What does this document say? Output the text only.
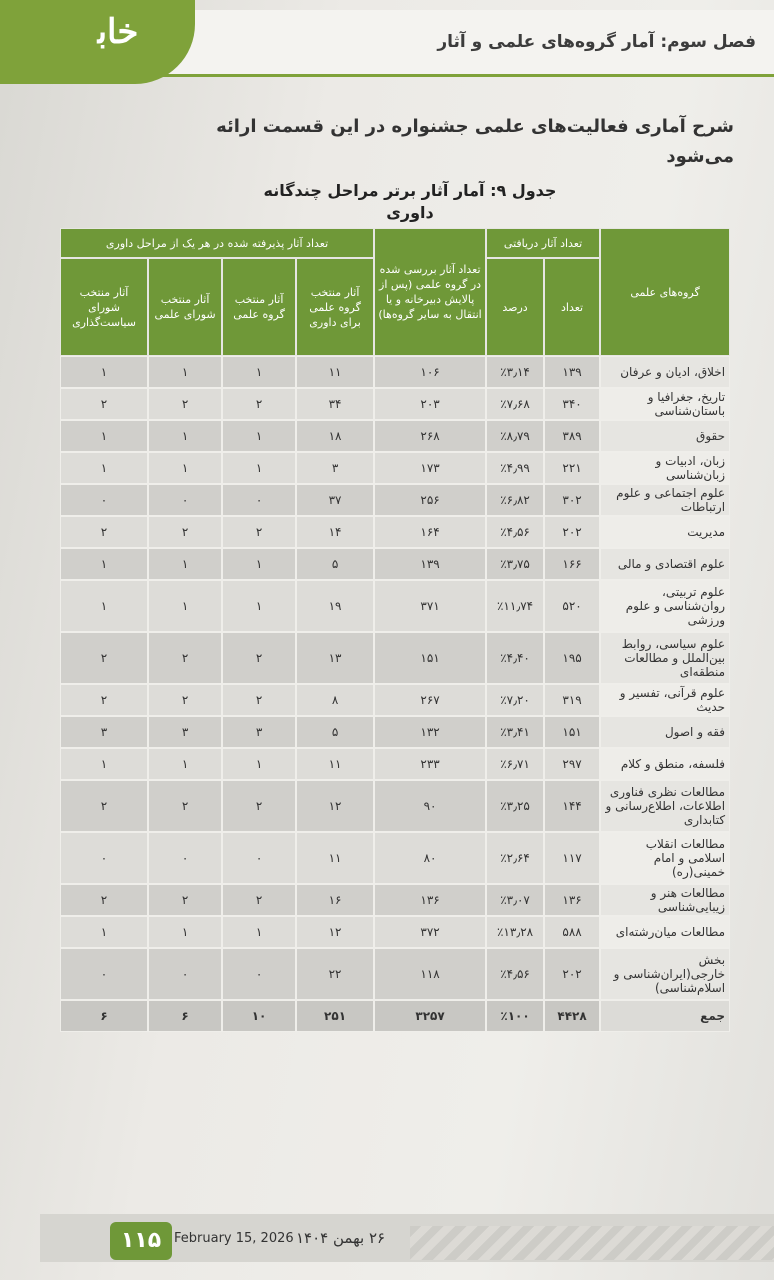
فصل سوم: آمار گروه‌های علمی و آثار
ﺧﺎﺑ
شرح آماری فعالیت‌های علمی جشنواره در این قسمت ارائه می‌شود
جدول ۹: آمار آثار برتر مراحل چندگانه داوری
گروه‌های علمی	تعداد آثار دریافتی		تعداد آثار بررسی شده در گروه علمی (پس از پالایش دبیرخانه و یا انتقال به سایر گروه‌ها)	تعداد آثار پذیرفته شده در هر یک از مراحل داوری			
	تعداد	درصد		آثار منتخب گروه علمی برای داوری	آثار منتخب گروه علمی	آثار منتخب شورای علمی	آثار منتخب شورای سیاست‌گذاری
اخلاق، ادیان و عرفان	۱۳۹	٪۳٫۱۴	۱۰۶	۱۱	۱	۱	۱
تاریخ، جغرافیا و باستان‌شناسی	۳۴۰	٪۷٫۶۸	۲۰۳	۳۴	۲	۲	۲
حقوق	۳۸۹	٪۸٫۷۹	۲۶۸	۱۸	۱	۱	۱
زبان، ادبیات و زبان‌شناسی	۲۲۱	٪۴٫۹۹	۱۷۳	۳	۱	۱	۱
علوم اجتماعی و علوم ارتباطات	۳۰۲	٪۶٫۸۲	۲۵۶	۳۷	۰	۰	۰
مدیریت	۲۰۲	٪۴٫۵۶	۱۶۴	۱۴	۲	۲	۲
علوم اقتصادی و مالی	۱۶۶	٪۳٫۷۵	۱۳۹	۵	۱	۱	۱
علوم تربیتی، روان‌شناسی و علوم ورزشی	۵۲۰	٪۱۱٫۷۴	۳۷۱	۱۹	۱	۱	۱
علوم سیاسی، روابط بین‌الملل و مطالعات منطقه‌ای	۱۹۵	٪۴٫۴۰	۱۵۱	۱۳	۲	۲	۲
علوم قرآنی، تفسیر و حدیث	۳۱۹	٪۷٫۲۰	۲۶۷	۸	۲	۲	۲
فقه و اصول	۱۵۱	٪۳٫۴۱	۱۳۲	۵	۳	۳	۳
فلسفه، منطق و کلام	۲۹۷	٪۶٫۷۱	۲۳۳	۱۱	۱	۱	۱
مطالعات نظری فناوری اطلاعات، اطلاع‌رسانی و کتابداری	۱۴۴	٪۳٫۲۵	۹۰	۱۲	۲	۲	۲
مطالعات انقلاب اسلامی و امام خمینی(ره)	۱۱۷	٪۲٫۶۴	۸۰	۱۱	۰	۰	۰
مطالعات هنر و زیبایی‌شناسی	۱۳۶	٪۳٫۰۷	۱۳۶	۱۶	۲	۲	۲
مطالعات میان‌رشته‌ای	۵۸۸	٪۱۳٫۲۸	۳۷۲	۱۲	۱	۱	۱
بخش خارجی(ایران‌شناسی و اسلام‌شناسی)	۲۰۲	٪۴٫۵۶	۱۱۸	۲۲	۰	۰	۰
جمع	۴۴۲۸	٪۱۰۰	۳۲۵۷	۲۵۱	۱۰	۶	۶
۱۱۵ February 15, 2026 ۲۶ بهمن ۱۴۰۴
